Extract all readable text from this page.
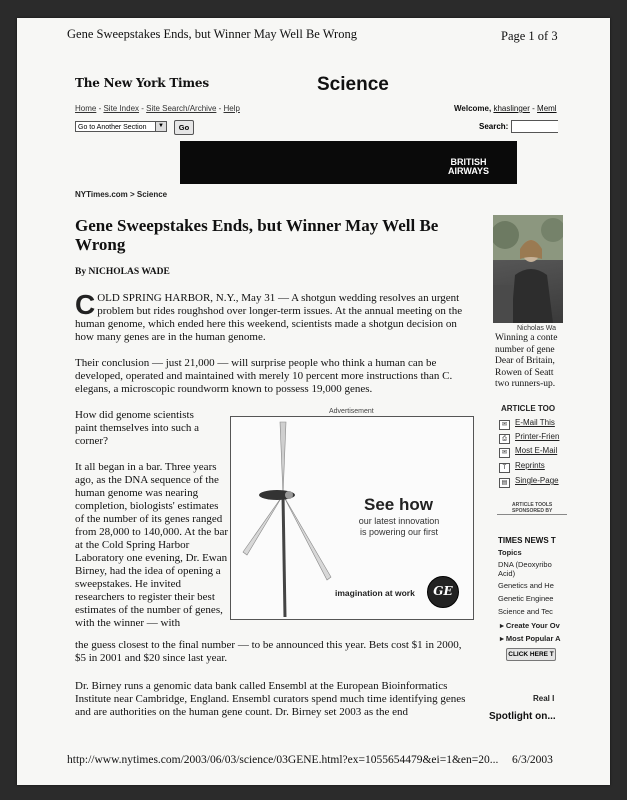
Gene Sweepstakes Ends, but Winner May Well Be Wrong	Page 1 of 3
The New York Times	Science
Home - Site Index - Site Search/Archive - Help	Welcome, khaslinger - Meml
Go to Another Section	▼	Go	Search:
BRITISH
AIRWAYS
NYTimes.com > Science
Gene Sweepstakes Ends, but Winner May Well Be Wrong
By NICHOLAS WADE
COLD SPRING HARBOR, N.Y., May 31 — A shotgun wedding resolves an urgent problem but rides roughshod over longer-term issues. At the annual meeting on the human genome, which ended here this weekend, scientists made a shotgun decision on how many genes are in the human genome.
Their conclusion — just 21,000 — will surprise people who think a human can be developed, operated and maintained with merely 10 percent more instructions than C. elegans, a microscopic roundworm known to possess 19,000 genes.
How did genome scientists paint themselves into such a corner?
It all began in a bar. Three years ago, as the DNA sequence of the human genome was nearing completion, biologists' estimates of the number of its genes ranged from 28,000 to 140,000. At the bar at the Cold Spring Harbor Laboratory one evening, Dr. Ewan Birney, had the idea of opening a sweepstakes. He invited researchers to register their best estimates of the number of genes, with the winner — with
the guess closest to the final number — to be announced this year. Bets cost $1 in 2000, $5 in 2001 and $20 since last year.
Dr. Birney runs a genomic data bank called Ensembl at the European Bioinformatics Institute near Cambridge, England. Ensembl curators spend much time identifying genes and are authorities on the human gene count. Dr. Birney set 2003 as the end
Advertisement
See how
our latest innovation
is powering our first
imagination at work	GE
Nicholas Wa
Winning a conte
number of gene
Dear of Britain,
Rowen of Seatt
two runners-up.
ARTICLE TOO
✉ E-Mail This
⎙ Printer-Frien
✉ Most E-Mail
T Reprints
▤ Single-Page
ARTICLE TOOLS
SPONSORED BY
TIMES NEWS T
Topics
DNA (Deoxyribo
Acid)
Genetics and He
Genetic Enginee
Science and Tec
▸ Create Your Ov
▸ Most Popular A
CLICK HERE T
Real I
Spotlight on...
http://www.nytimes.com/2003/06/03/science/03GENE.html?ex=1055654479&ei=1&en=20... 6/3/2003
